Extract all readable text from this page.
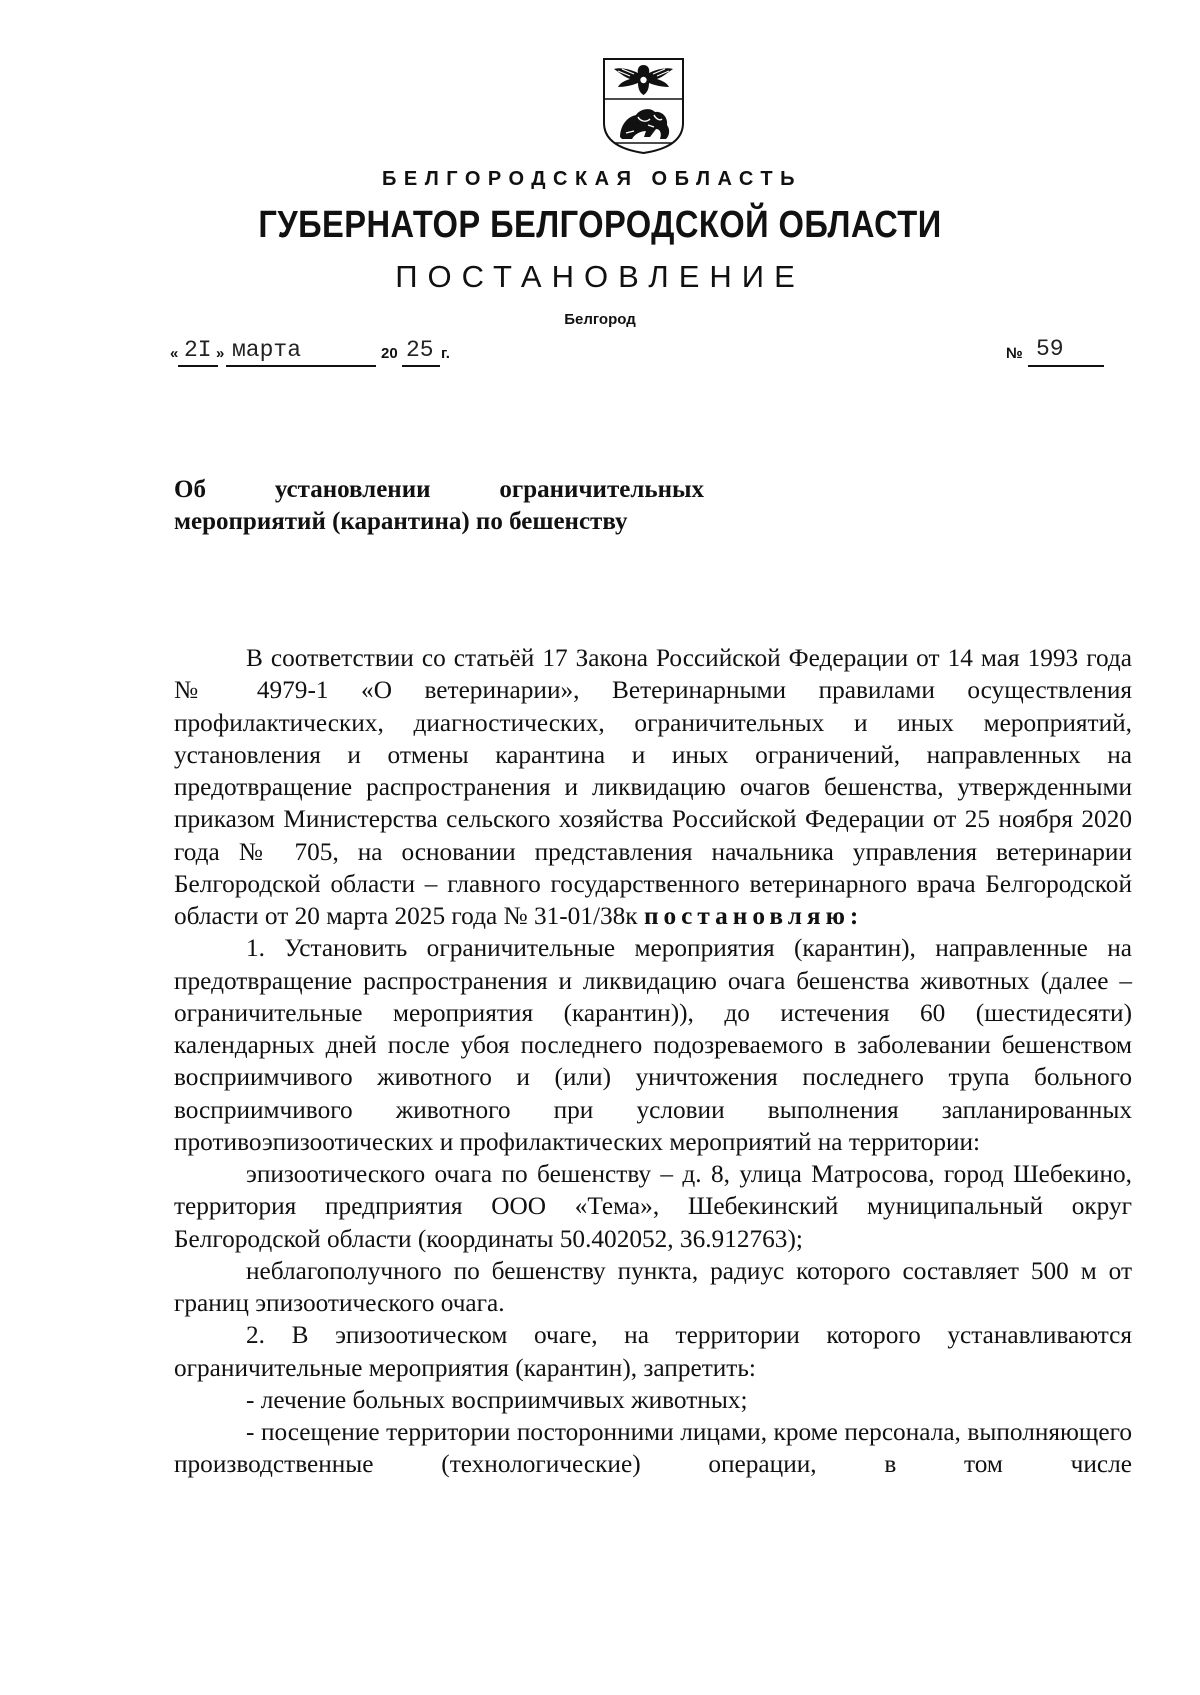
БЕЛГОРОДСКАЯ ОБЛАСТЬ
ГУБЕРНАТОР БЕЛГОРОДСКОЙ ОБЛАСТИ
ПОСТАНОВЛЕНИЕ
Белгород
« 2I » марта	20 25 г.	№ 59
Об	установлении	ограничительных
мероприятий (карантина) по бешенству

В соответствии со статьёй 17 Закона Российской Федерации от 14 мая 1993 года № 4979-1 «О ветеринарии», Ветеринарными правилами осуществления профилактических, диагностических, ограничительных и иных мероприятий, установления и отмены карантина и иных ограничений, направленных на предотвращение распространения и ликвидацию очагов бешенства, утвержденными приказом Министерства сельского хозяйства Российской Федерации от 25 ноября 2020 года № 705, на основании представления начальника управления ветеринарии Белгородской области – главного государственного ветеринарного врача Белгородской области от 20 марта 2025 года № 31-01/38к постановляю:

1. Установить ограничительные мероприятия (карантин), направленные на предотвращение распространения и ликвидацию очага бешенства животных (далее – ограничительные мероприятия (карантин)), до истечения 60 (шестидесяти) календарных дней после убоя последнего подозреваемого в заболевании бешенством восприимчивого животного и (или) уничтожения последнего трупа больного восприимчивого животного при условии выполнения запланированных противоэпизоотических и профилактических мероприятий на территории:

эпизоотического очага по бешенству – д. 8, улица Матросова, город Шебекино, территория предприятия ООО «Тема», Шебекинский муниципальный округ Белгородской области (координаты 50.402052, 36.912763);

неблагополучного по бешенству пункта, радиус которого составляет 500 м от границ эпизоотического очага.

2. В эпизоотическом очаге, на территории которого устанавливаются ограничительные мероприятия (карантин), запретить:

- лечение больных восприимчивых животных;

- посещение территории посторонними лицами, кроме персонала, выполняющего производственные (технологические) операции, в том числе
